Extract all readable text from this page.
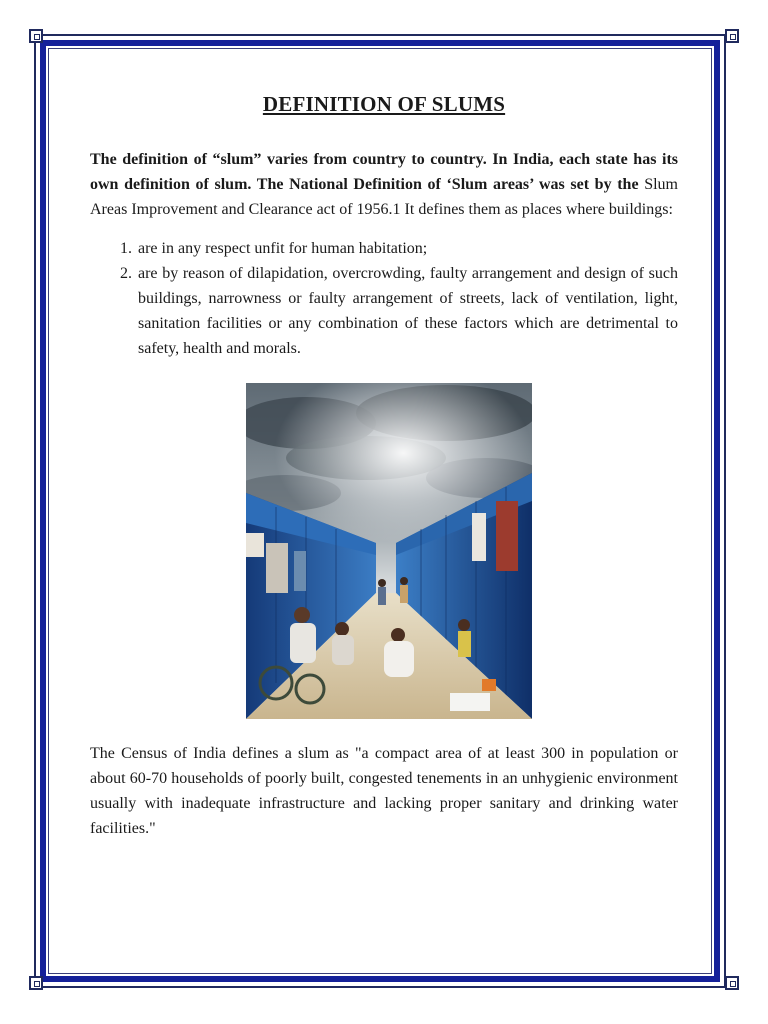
DEFINITION OF SLUMS

The definition of “slum” varies from country to country. In India, each state has its own definition of slum. The National Definition of ‘Slum areas’ was set by the Slum Areas Improvement and Clearance act of 1956.1 It defines them as places where buildings:

1. are in any respect unfit for human habitation;
2. are by reason of dilapidation, overcrowding, faulty arrangement and design of such buildings, narrowness or faulty arrangement of streets, lack of ventilation, light, sanitation facilities or any combination of these factors which are detrimental to safety, health and morals.

The Census of India defines a slum as "a compact area of at least 300 in population or about 60-70 households of poorly built, congested tenements in an unhygienic environment usually with inadequate infrastructure and lacking proper sanitary and drinking water facilities."
